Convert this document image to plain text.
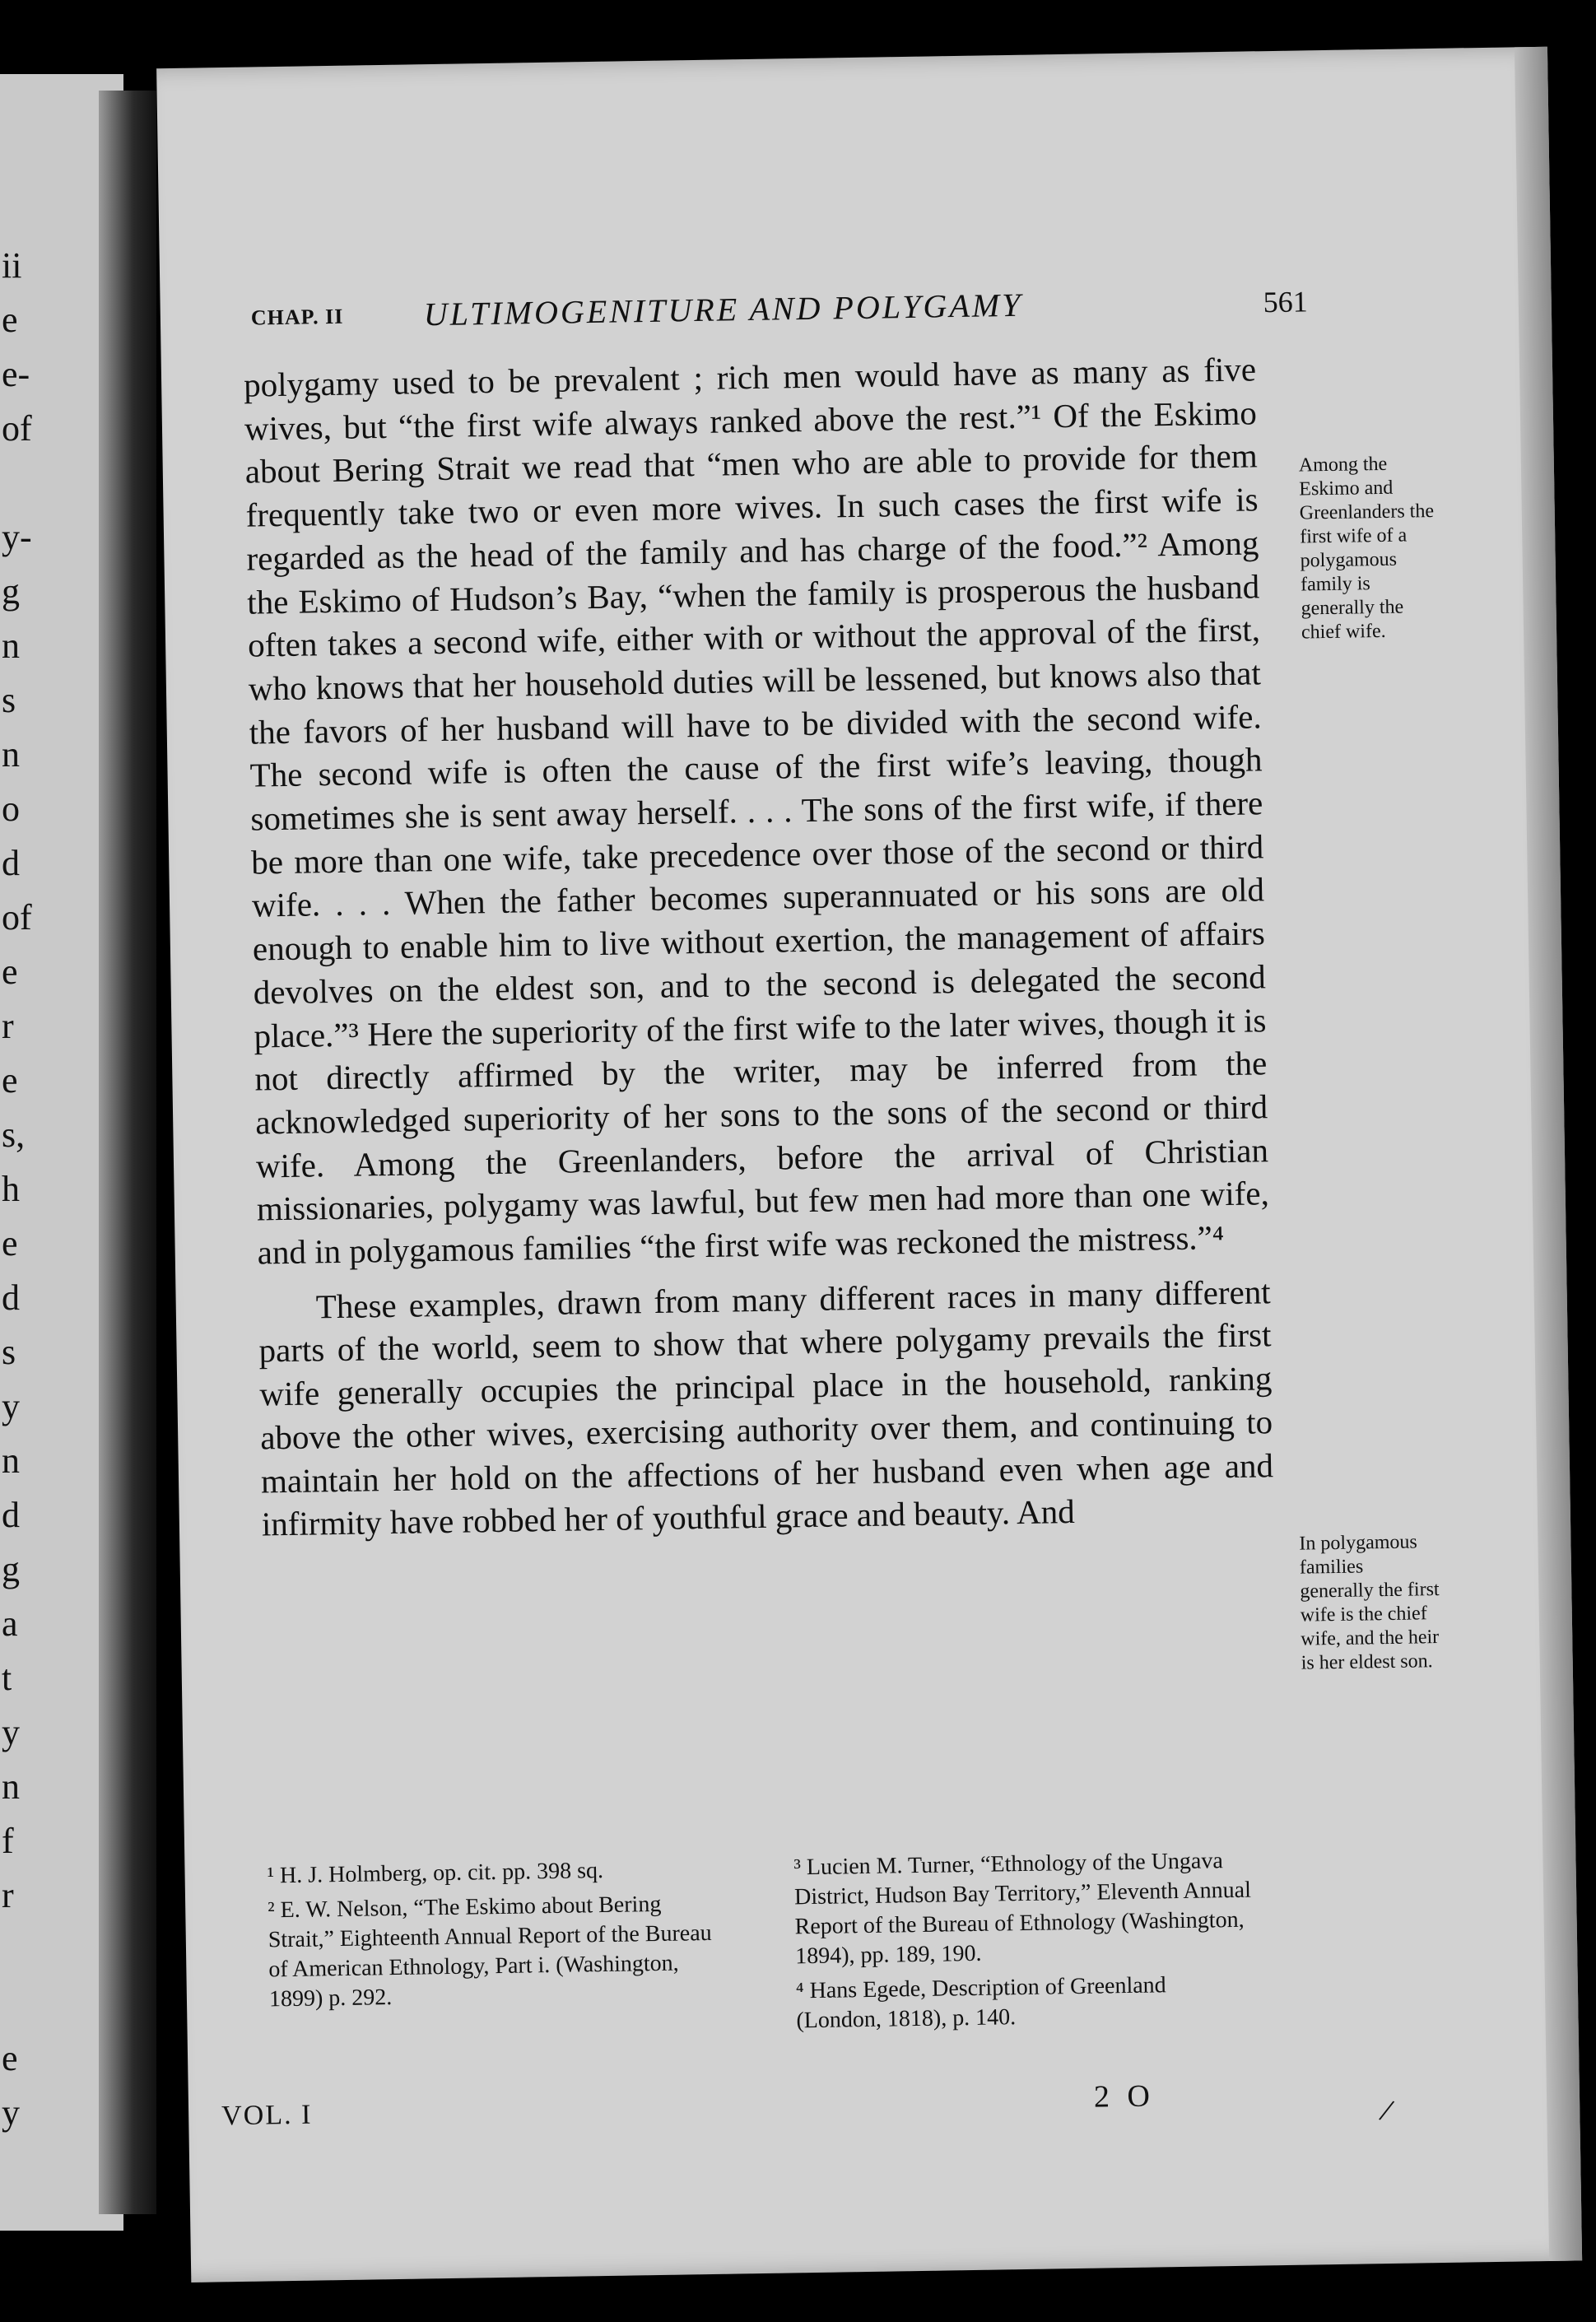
ii
e
e-
of
y-
g
n
s
n
o
d
of
e
r
e
s,
h
e
d
s
y
n
d
g
a
t
y
n
f
r
e
y
CHAP. II ULTIMOGENITURE AND POLYGAMY	561

polygamy used to be prevalent ; rich men would have as many as five wives, but “the first wife always ranked above the rest.”¹ Of the Eskimo about Bering Strait we read that “men who are able to provide for them frequently take two or even more wives. In such cases the first wife is regarded as the head of the family and has charge of the food.”² Among the Eskimo of Hudson’s Bay, “when the family is prosperous the husband often takes a second wife, either with or without the approval of the first, who knows that her household duties will be lessened, but knows also that the favors of her husband will have to be divided with the second wife. The second wife is often the cause of the first wife’s leaving, though sometimes she is sent away herself. . . . The sons of the first wife, if there be more than one wife, take precedence over those of the second or third wife. . . . When the father becomes superannuated or his sons are old enough to enable him to live without exertion, the management of affairs devolves on the eldest son, and to the second is delegated the second place.”³ Here the superiority of the first wife to the later wives, though it is not directly affirmed by the writer, may be inferred from the acknowledged superiority of her sons to the sons of the second or third wife. Among the Greenlanders, before the arrival of Christian missionaries, polygamy was lawful, but few men had more than one wife, and in polygamous families “the first wife was reckoned the mistress.”⁴

These examples, drawn from many different races in many different parts of the world, seem to show that where polygamy prevails the first wife generally occupies the principal place in the household, ranking above the other wives, exercising authority over them, and continuing to maintain her hold on the affections of her husband even when age and infirmity have robbed her of youthful grace and beauty. And

Among the Eskimo and Greenlanders the first wife of a polygamous family is generally the chief wife.
In polygamous families generally the first wife is the chief wife, and the heir is her eldest son.

¹ H. J. Holmberg, op. cit. pp. 398 sq.

² E. W. Nelson, “The Eskimo about Bering Strait,” Eighteenth Annual Report of the Bureau of American Ethnology, Part i. (Washington, 1899) p. 292.

³ Lucien M. Turner, “Ethnology of the Ungava District, Hudson Bay Territory,” Eleventh Annual Report of the Bureau of Ethnology (Washington, 1894), pp. 189, 190.

⁴ Hans Egede, Description of Greenland (London, 1818), p. 140.

VOL. I
2 O	/
